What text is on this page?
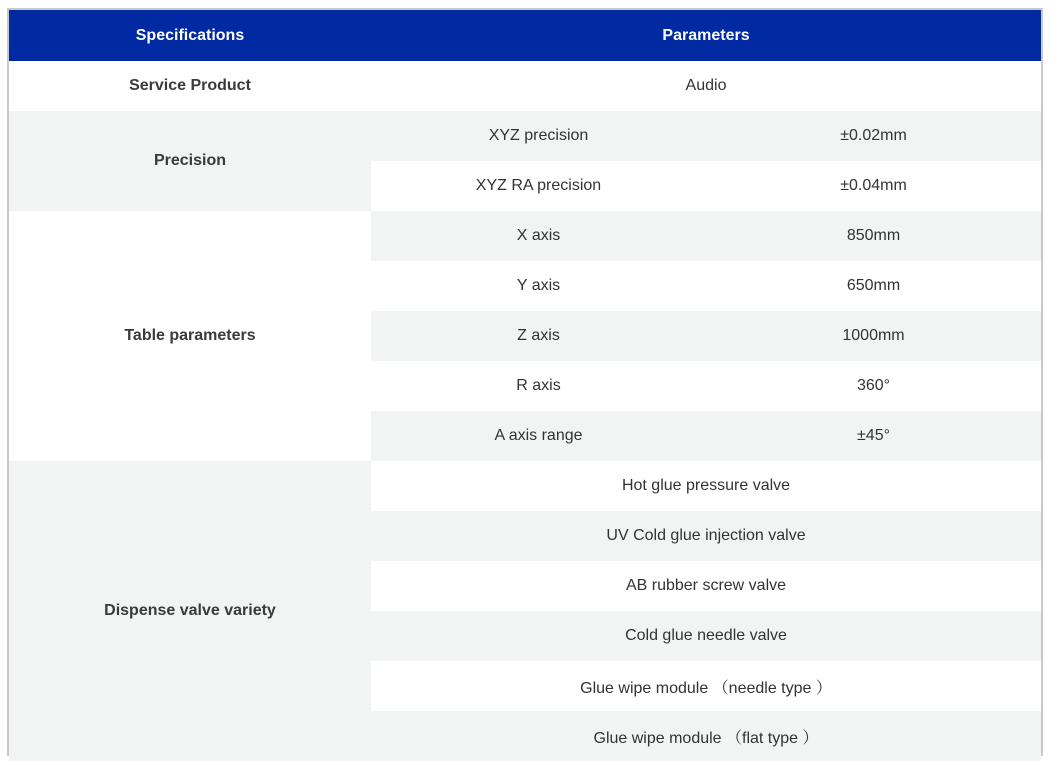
Specifications	Parameters	
Service Product	Audio	
Precision	XYZ precision	±0.02mm
	XYZ RA precision	±0.04mm
Table parameters	X axis	850mm
	Y axis	650mm
	Z axis	1000mm
	R axis	360°
	A axis range	±45°
Dispense valve variety	Hot glue pressure valve	
	UV Cold glue injection valve	
	AB rubber screw valve	
	Cold glue needle valve	
	Glue wipe module （needle type ）	
	Glue wipe module （flat type ）	
